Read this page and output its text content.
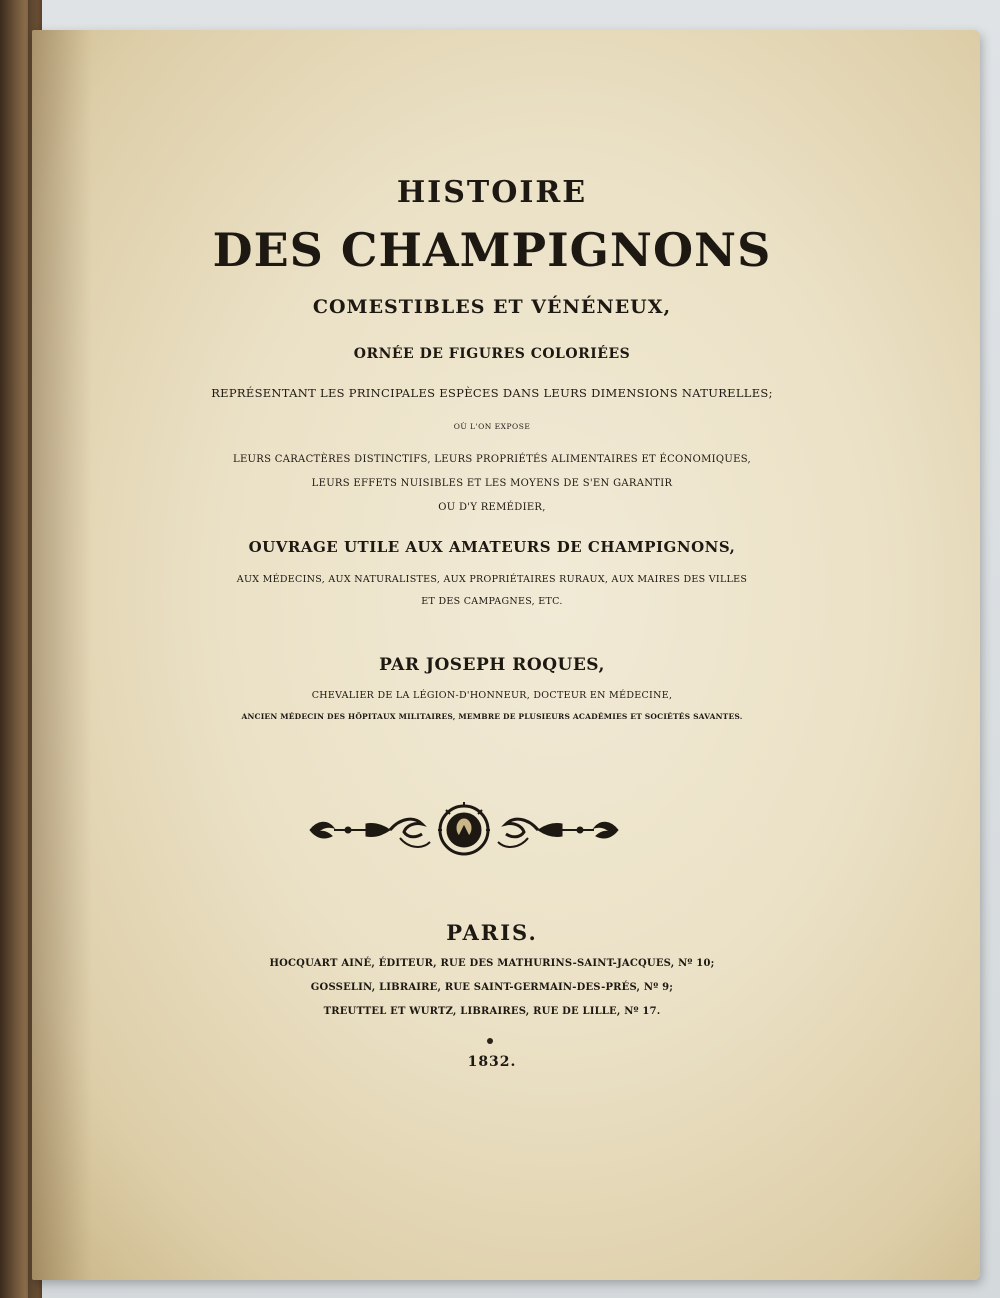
HISTOIRE
DES CHAMPIGNONS
COMESTIBLES ET VÉNÉNEUX,
ORNÉE DE FIGURES COLORIÉES
REPRÉSENTANT LES PRINCIPALES ESPÈCES DANS LEURS DIMENSIONS NATURELLES;
OÙ L'ON EXPOSE
LEURS CARACTÈRES DISTINCTIFS, LEURS PROPRIÉTÉS ALIMENTAIRES ET ÉCONOMIQUES,
LEURS EFFETS NUISIBLES ET LES MOYENS DE S'EN GARANTIR
OU D'Y REMÉDIER,
OUVRAGE UTILE AUX AMATEURS DE CHAMPIGNONS,
AUX MÉDECINS, AUX NATURALISTES, AUX PROPRIÉTAIRES RURAUX, AUX MAIRES DES VILLES
ET DES CAMPAGNES, ETC.
PAR JOSEPH ROQUES,
CHEVALIER DE LA LÉGION-D'HONNEUR, DOCTEUR EN MÉDECINE,
ANCIEN MÉDECIN DES HÔPITAUX MILITAIRES, MEMBRE DE PLUSIEURS ACADÉMIES ET SOCIÉTÉS SAVANTES.
PARIS.
HOCQUART AINÉ, ÉDITEUR, RUE DES MATHURINS-SAINT-JACQUES, Nº 10;
GOSSELIN, LIBRAIRE, RUE SAINT-GERMAIN-DES-PRÉS, Nº 9;
TREUTTEL ET WURTZ, LIBRAIRES, RUE DE LILLE, Nº 17.
1832.
